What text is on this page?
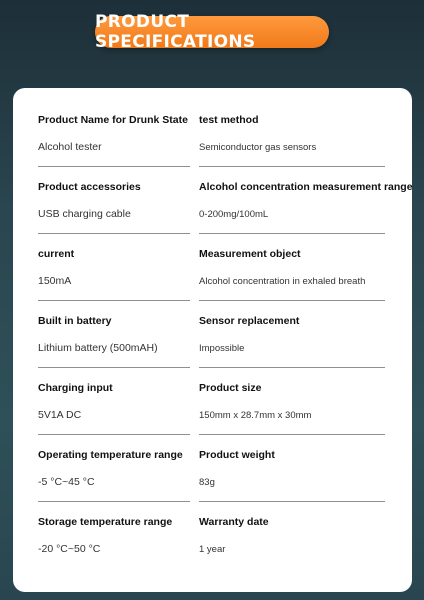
PRODUCT SPECIFICATIONS
Product Name for Drunk State
Alcohol tester
test method
Semiconductor gas sensors
Product accessories
USB charging cable
Alcohol concentration measurement range
0-200mg/100mL
current
150mA
Measurement object
Alcohol concentration in exhaled breath
Built in battery
Lithium battery (500mAH)
Sensor replacement
Impossible
Charging input
5V1A DC
Product size
150mm x 28.7mm x 30mm
Operating temperature range
-5 °C~45 °C
Product weight
83g
Storage temperature range
-20 °C~50 °C
Warranty date
1 year
